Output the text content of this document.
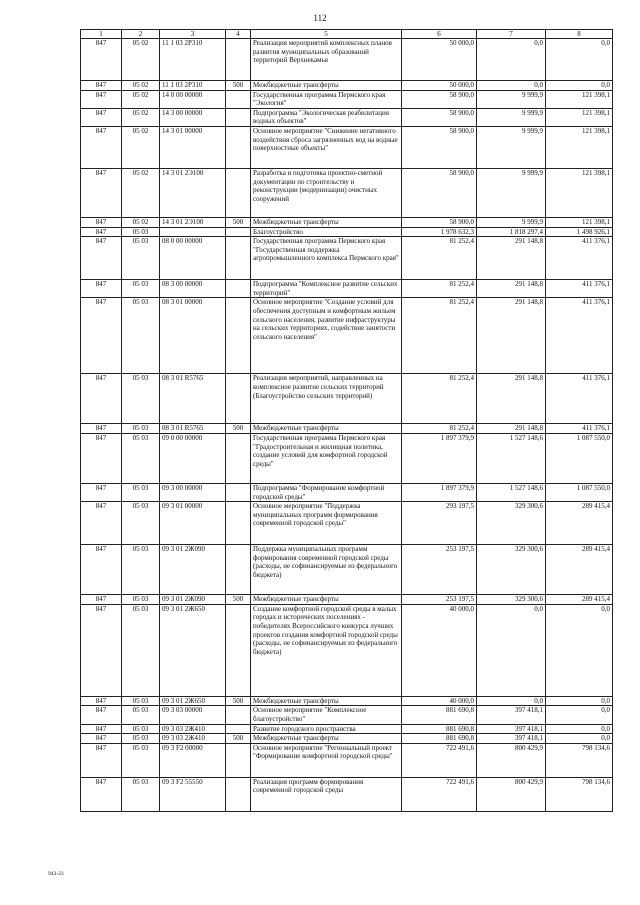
112
1	2	3	4	5	6	7	8
847	05 02	11 1 03 2P310		Реализация мероприятий комплексных планов развития муниципальных образований территорий Верхнекамья	50 000,0	0,0	0,0
847	05 02	11 1 03 2P310	500	Межбюджетные трансферты	50 000,0	0,0	0,0
847	05 02	14 0 00 00000		Государственная программа Пермского края "Экология"	58 900,0	9 999,9	121 398,1
847	05 02	14 3 00 00000		Подпрограмма "Экологическая реабилитация водных объектов"	58 900,0	9 999,9	121 398,1
847	05 02	14 3 01 00000		Основное мероприятие "Снижение негативного воздействия сброса загрязненных вод на водные поверхностные объекты"	58 900,0	9 999,9	121 398,1
847	05 02	14 3 01 2Э100		Разработка и подготовка проектно-сметной документации по строительству и реконструкции (модернизации) очистных сооружений	58 900,0	9 999,9	121 398,1
847	05 02	14 3 01 2Э100	500	Межбюджетные трансферты	58 900,0	9 999,9	121 398,1
847	05 03			Благоустройство	1 978 632,3	1 818 297,4	1 498 926,1
847	05 03	08 0 00 00000		Государственная программа Пермского края "Государственная поддержка агропромышленного комплекса Пермского края"	81 252,4	291 148,8	411 376,1
847	05 03	08 3 00 00000		Подпрограмма "Комплексное развитие сельских территорий"	81 252,4	291 148,8	411 376,1
847	05 03	08 3 01 00000		Основное мероприятие "Создание условий для обеспечения доступным и комфортным жильем сельского населения, развитие инфраструктуры на сельских территориях, содействие занятости сельского населения"	81 252,4	291 148,8	411 376,1
847	05 03	08 3 01 R5765		Реализация мероприятий, направленных на комплексное развитие сельских территорий (Благоустройство сельских территорий)	81 252,4	291 148,8	411 376,1
847	05 03	08 3 01 R5765	500	Межбюджетные трансферты	81 252,4	291 148,8	411 376,1
847	05 03	09 0 00 00000		Государственная программа Пермского края "Градостроительная и жилищная политика, создание условий для комфортной городской среды"	1 897 379,9	1 527 148,6	1 087 550,0
847	05 03	09 3 00 00000		Подпрограмма "Формирование комфортной городской среды"	1 897 379,9	1 527 148,6	1 087 550,0
847	05 03	09 3 01 00000		Основное мероприятие "Поддержка муниципальных программ формирования современной городской среды"	293 197,5	329 300,6	289 415,4
847	05 03	09 3 01 2Ж090		Поддержка муниципальных программ формирования современной городской среды (расходы, не софинансируемые из федерального бюджета)	253 197,5	329 300,6	289 415,4
847	05 03	09 3 01 2Ж090	500	Межбюджетные трансферты	253 197,5	329 300,6	289 415,4
847	05 03	09 3 01 2Ж650		Создание комфортной городской среды в малых городах и исторических поселениях - победителях Всероссийского конкурса лучших проектов создания комфортной городской среды (расходы, не софинансируемые из федерального бюджета)	40 000,0	0,0	0,0
847	05 03	09 3 01 2Ж650	500	Межбюджетные трансферты	40 000,0	0,0	0,0
847	05 03	09 3 03 00000		Основное мероприятие "Комплексное благоустройство"	881 690,8	397 418,1	0,0
847	05 03	09 3 03 2Ж410		Развитие городского пространства	881 690,8	397 418,1	0,0
847	05 03	09 3 03 2Ж410	500	Межбюджетные трансферты	881 690,8	397 418,1	0,0
847	05 03	09 3 F2 00000		Основное мероприятие "Региональный проект "Формирование комфортной городской среды"	722 491,6	800 429,9	798 134,6
847	05 03	09 3 F2 55550		Реализация программ формирования современной городской среды	722 491,6	800 429,9	798 134,6
943-23
